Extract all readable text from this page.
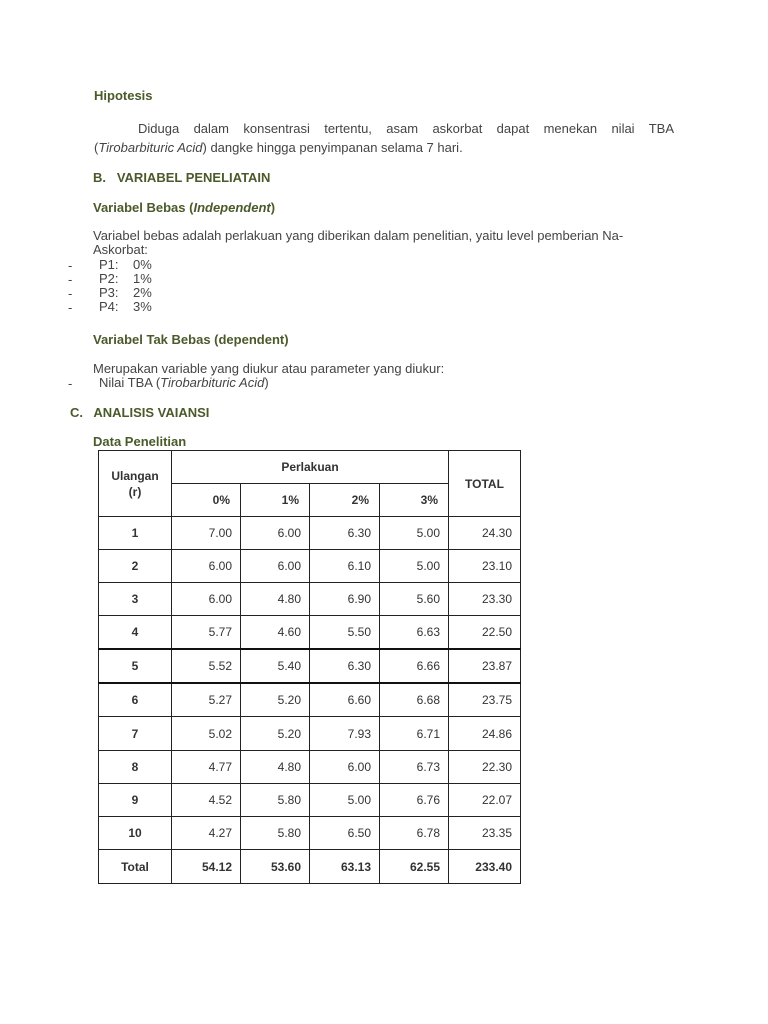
Hipotesis
Diduga dalam konsentrasi tertentu, asam askorbat dapat menekan nilai TBA
(Tirobarbituric Acid) dangke hingga penyimpanan selama 7 hari.
B.   VARIABEL PENELIATAIN
Variabel Bebas (Independent)
Variabel bebas adalah perlakuan yang diberikan dalam penelitian, yaitu level pemberian Na-
Askorbat:
- P1: 0%
- P2: 1%
- P3: 2%
- P4: 3%
Variabel Tak Bebas (dependent)
Merupakan variable yang diukur atau parameter yang diukur:
- Nilai TBA (Tirobarbituric Acid)
C.   ANALISIS VAIANSI
Data Penelitian
Ulangan (r)	Perlakuan				TOTAL
	0%	1%	2%	3%	
1	7.00	6.00	6.30	5.00	24.30
2	6.00	6.00	6.10	5.00	23.10
3	6.00	4.80	6.90	5.60	23.30
4	5.77	4.60	5.50	6.63	22.50
5	5.52	5.40	6.30	6.66	23.87
6	5.27	5.20	6.60	6.68	23.75
7	5.02	5.20	7.93	6.71	24.86
8	4.77	4.80	6.00	6.73	22.30
9	4.52	5.80	5.00	6.76	22.07
10	4.27	5.80	6.50	6.78	23.35
Total	54.12	53.60	63.13	62.55	233.40
